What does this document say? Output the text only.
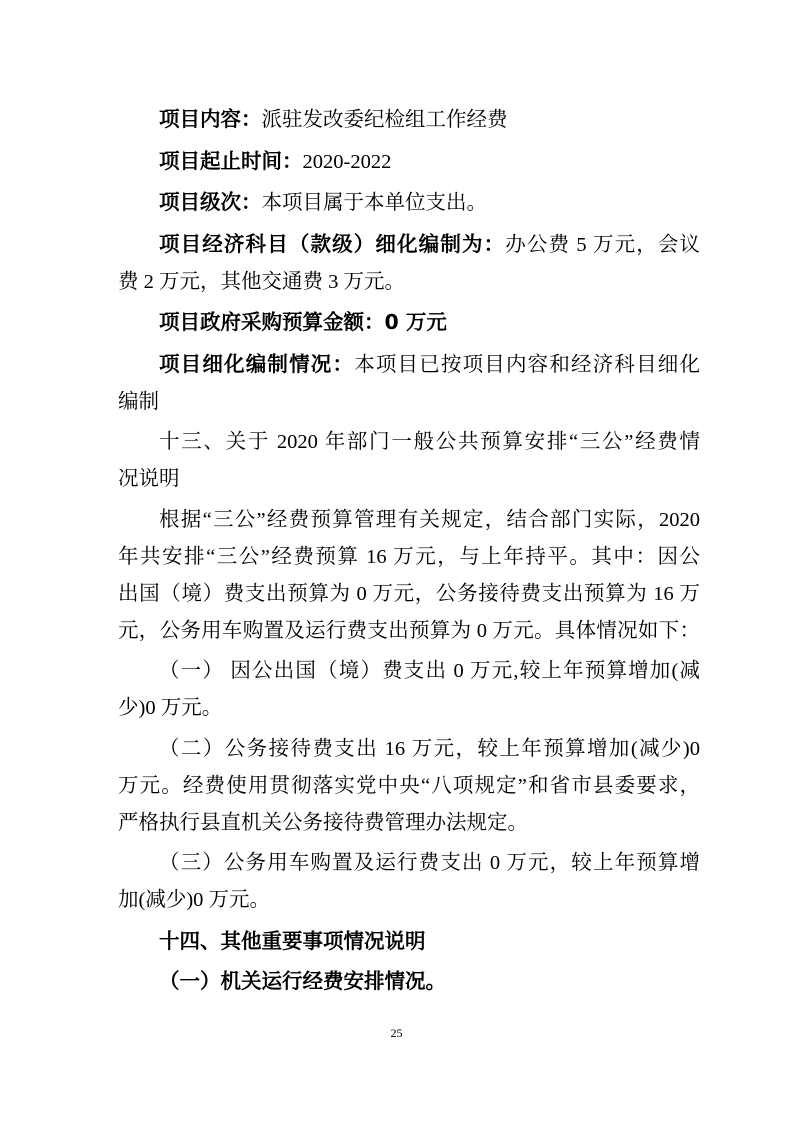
项目内容：派驻发改委纪检组工作经费
项目起止时间：2020-2022
项目级次：本项目属于本单位支出。
项目经济科目（款级）细化编制为：办公费 5 万元，会议
费 2 万元，其他交通费 3 万元。
项目政府采购预算金额：0 万元
项目细化编制情况：本项目已按项目内容和经济科目细化
编制
十三、关于 2020 年部门一般公共预算安排“三公”经费情
况说明
根据“三公”经费预算管理有关规定，结合部门实际，2020
年共安排“三公”经费预算 16 万元，与上年持平。其中：因公
出国（境）费支出预算为 0 万元，公务接待费支出预算为 16 万
元，公务用车购置及运行费支出预算为 0 万元。具体情况如下：
（一） 因公出国（境）费支出 0 万元,较上年预算增加(减
少)0 万元。
（二）公务接待费支出 16 万元，较上年预算增加(减少)0
万元。经费使用贯彻落实党中央“八项规定”和省市县委要求，
严格执行县直机关公务接待费管理办法规定。
（三）公务用车购置及运行费支出 0 万元，较上年预算增
加(减少)0 万元。
十四、其他重要事项情况说明
（一）机关运行经费安排情况。
25
